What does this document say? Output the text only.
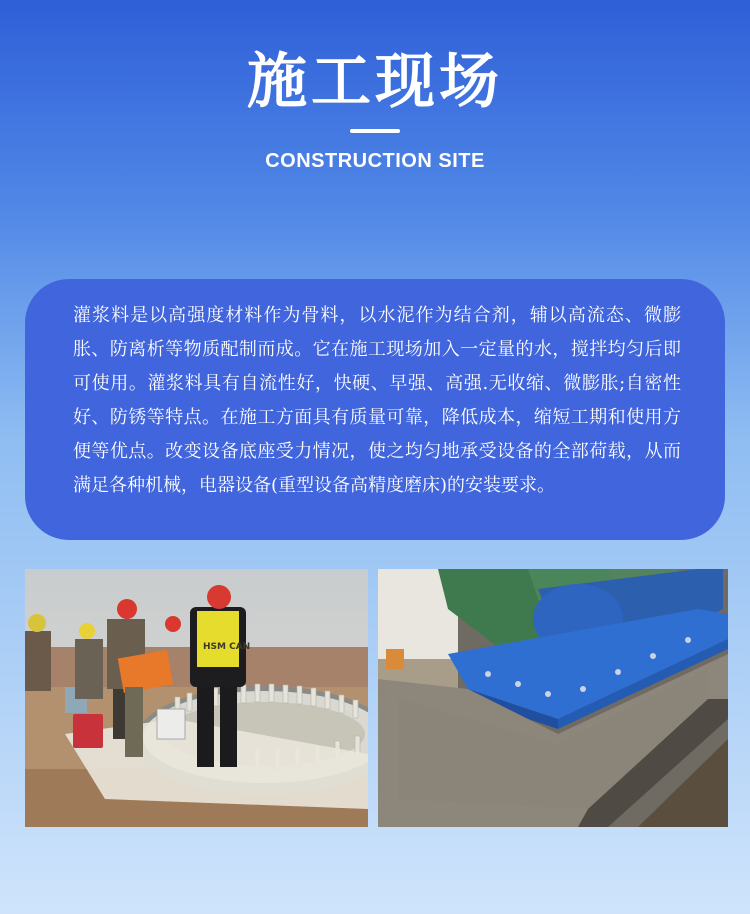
施工现场
CONSTRUCTION SITE

灌浆料是以高强度材料作为骨料，以水泥作为结合剂，辅以高流态、微膨胀、防离析等物质配制而成。它在施工现场加入一定量的水，搅拌均匀后即可使用。灌浆料具有自流性好，快硬、早强、高强.无收缩、微膨胀;自密性好、防锈等特点。在施工方面具有质量可靠，降低成本，缩短工期和使用方便等优点。改变设备底座受力情况，使之均匀地承受设备的全部荷载，从而满足各种机械，电器设备(重型设备高精度磨床)的安装要求。

HSM CAN
